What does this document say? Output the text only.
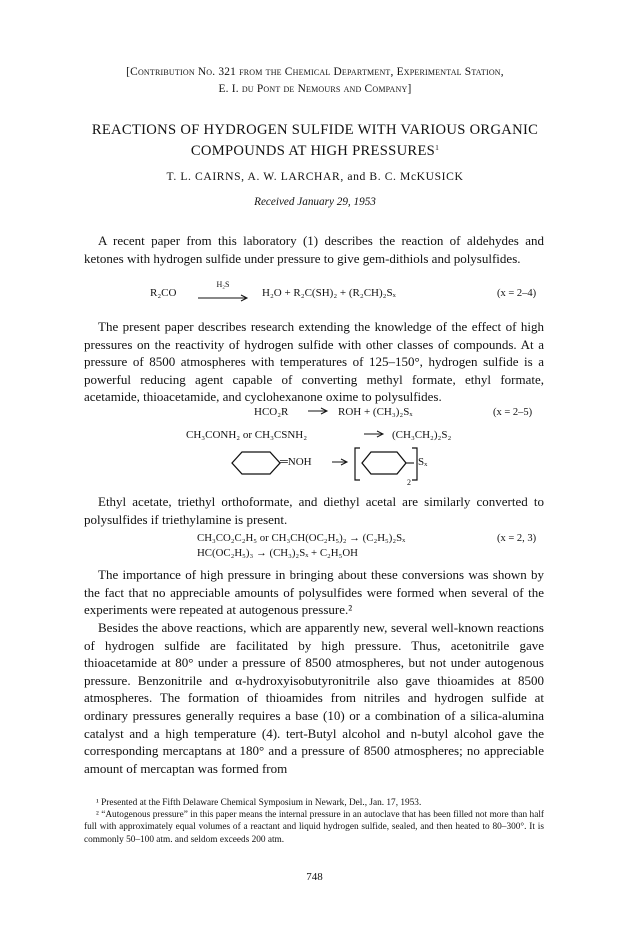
[Contribution No. 321 from the Chemical Department, Experimental Station,
E. I. du Pont de Nemours and Company]
REACTIONS OF HYDROGEN SULFIDE WITH VARIOUS ORGANIC
COMPOUNDS AT HIGH PRESSURES$^1$
T. L. CAIRNS, A. W. LARCHAR, and B. C. McKUSICK
Received January 29, 1953

A recent paper from this laboratory (1) describes the reaction of aldehydes and ketones with hydrogen sulfide under pressure to give gem-dithiols and polysulfides.

R₂CO
H₂S
H₂O + R₂C(SH)₂ + (R₂CH)₂Sₓ	(x = 2–4)

The present paper describes research extending the knowledge of the effect of high pressures on the reactivity of hydrogen sulfide with other classes of compounds. At a pressure of 8500 atmospheres with temperatures of 125–150°, hydrogen sulfide is a powerful reducing agent capable of converting methyl formate, ethyl formate, acetamide, thioacetamide, and cyclohexanone oxime to polysulfides.

HCO₂R	ROH + (CH₃)₂Sₓ	(x = 2–5)
CH₃CONH₂ or CH₃CSNH₂	(CH₃CH₂)₂S₂
═NOH	Sₓ
2

Ethyl acetate, triethyl orthoformate, and diethyl acetal are similarly converted to polysulfides if triethylamine is present.

CH₃CO₂C₂H₅ or CH₃CH(OC₂H₅)₂ → (C₂H₅)₂Sₓ
HC(OC₂H₅)₃ → (CH₃)₂Sₓ + C₂H₅OH
(x = 2, 3)

The importance of high pressure in bringing about these conversions was shown by the fact that no appreciable amounts of polysulfides were formed when several of the experiments were repeated at autogenous pressure.²

Besides the above reactions, which are apparently new, several well-known reactions of hydrogen sulfide are facilitated by high pressure. Thus, acetonitrile gave thioacetamide at 80° under a pressure of 8500 atmospheres, but not under autogenous pressure. Benzonitrile and α-hydroxyisobutyronitrile also gave thioamides at 8500 atmospheres. The formation of thioamides from nitriles and hydrogen sulfide at ordinary pressures generally requires a base (10) or a combination of a silica-alumina catalyst and a high temperature (4). tert-Butyl alcohol and n-butyl alcohol gave the corresponding mercaptans at 180° and a pressure of 8500 atmospheres; no appreciable amount of mercaptan was formed from

¹ Presented at the Fifth Delaware Chemical Symposium in Newark, Del., Jan. 17, 1953.

² “Autogenous pressure” in this paper means the internal pressure in an autoclave that has been filled not more than half full with approximately equal volumes of a reactant and liquid hydrogen sulfide, sealed, and then heated to 80–300°. It is commonly 50–100 atm. and seldom exceeds 200 atm.

748
